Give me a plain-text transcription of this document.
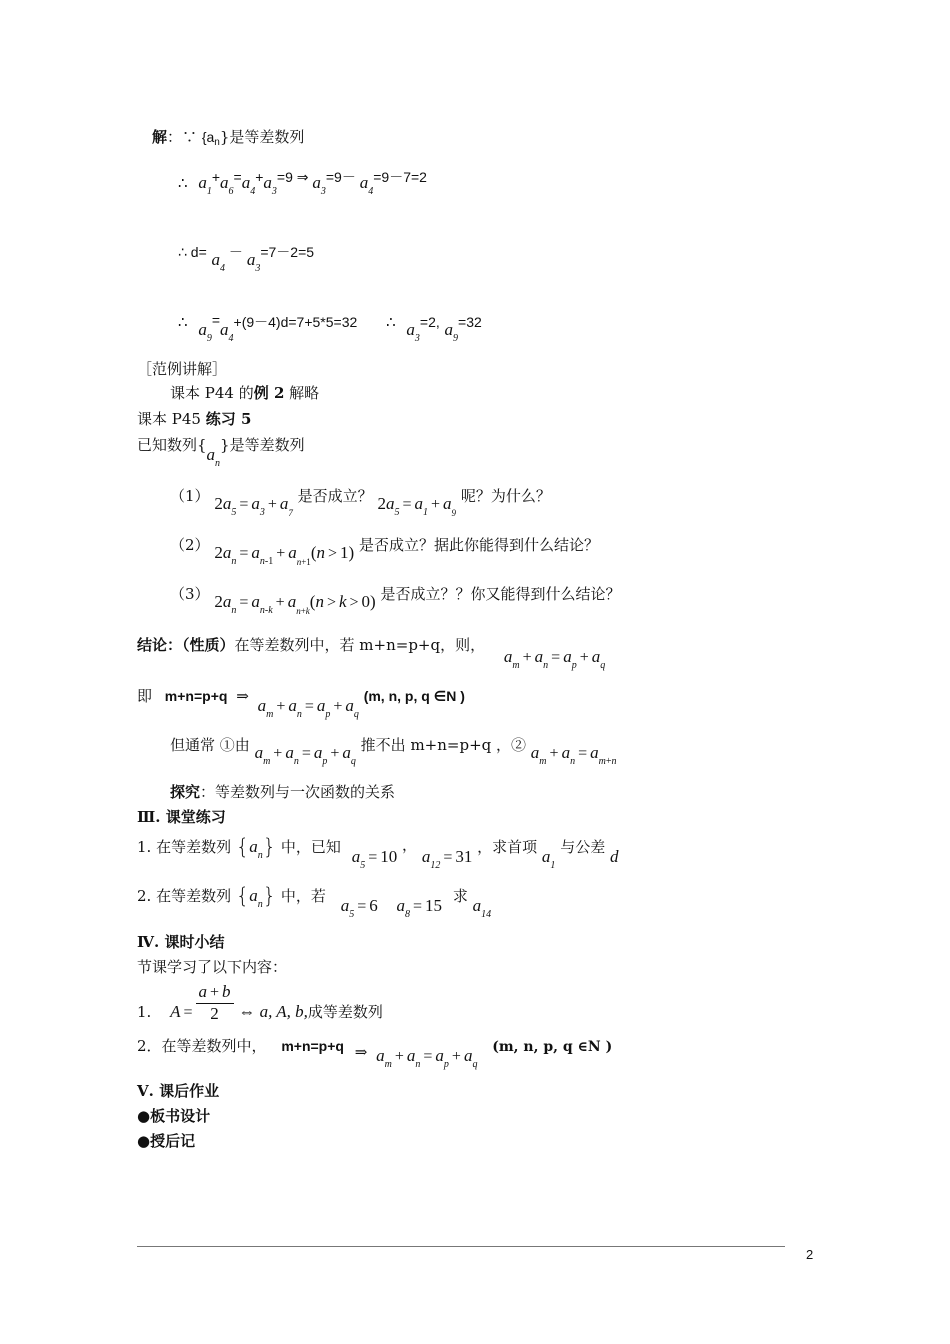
解：∵ $\{a_n\}$是等差数列
∴ $a_1+a_6=a_4+a_3=9$ ⇒ $a_3=9- a_4=9-7=2$
∴ $d= a_4 - a_3=7-2=5$
∴ $a_9=a_4+(9-4)d=7+5*5=32$ ∴ $a_3=2$, $a_9=32$
［范例讲解］
课本 P44 的例 2 解略
课本 P45 练习 5
已知数列$\{a_n\}$是等差数列
（1） $2a_5 = a_3 + a_7$ 是否成立？ $2a_5 = a_1 + a_9$ 呢？为什么？
（2） $2a_n = a_{n-1} + a_{n+1}(n > 1)$ 是否成立？据此你能得到什么结论？
（3） $2a_n = a_{n-k} + a_{n+k}(n > k > 0)$ 是否成立？？你又能得到什么结论？
结论：（性质）在等差数列中，若 m+n=p+q，则， $a_m + a_n = a_p + a_q$
即 m+n=p+q ⇒ $a_m + a_n = a_p + a_q$ (m, n, p, q ∈N )
但通常 ①由 $a_m + a_n = a_p + a_q$ 推不出 m+n=p+q ，② $a_m + a_n = a_{m+n}$
探究：等差数列与一次函数的关系
Ⅲ. 课堂练习
1. 在等差数列 $\{a_n\}$ 中，已知 $a_5 = 10$ ， $a_{12} = 31$ ，求首项 $a_1$ 与公差 d
2. 在等差数列 $\{a_n\}$ 中，若 $a_5 = 6$ $a_8 = 15$ 求 $a_{14}$
Ⅳ. 课时小结
节课学习了以下内容：
1. $A = \frac{a + b}{2}$ ⇔ a, A, b,成等差数列
2．在等差数列中， m+n=p+q ⇒ $a_m + a_n = a_p + a_q$ (m, n, p, q ∈N )
Ⅴ. 课后作业
●板书设计
●授后记
2
